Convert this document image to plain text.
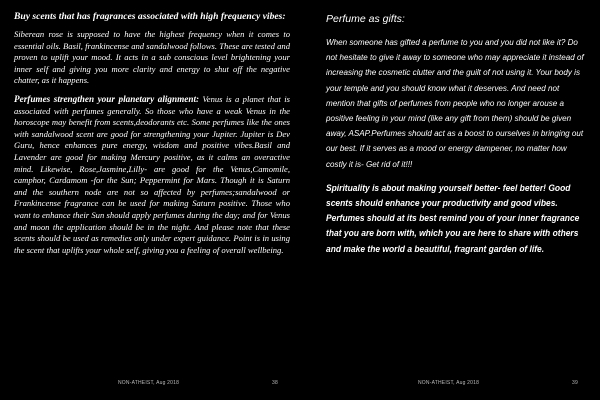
Buy scents that has fragrances associated with high frequency vibes:

Siberean rose is supposed to have the highest frequency when it comes to essential oils. Basil, frankincense and sandalwood follows. These are tested and proven to uplift your mood. It acts in a sub conscious level brightening your inner self and giving you more clarity and energy to shut off the negative chatter, as it happens.

Perfumes strengthen your planetary alignment: Venus is a planet that is associated with perfumes generally. So those who have a weak Venus in the horoscope may benefit from scents,deodorants etc. Some perfumes like the ones with sandalwood scent are good for strengthening your Jupiter. Jupiter is Dev Guru, hence enhances pure energy, wisdom and positive vibes.Basil and Lavender are good for making Mercury positive, as it calms an overactive mind. Likewise, Rose,Jasmine,Lilly- are good for the Venus,Camomile, camphor, Cardamom -for the Sun; Peppermint for Mars. Though it is Saturn and the southern node are not so affected by perfumes;sandalwood or Frankincense fragrance can be used for making Saturn positive. Those who want to enhance their Sun should apply perfumes during the day; and for Venus and moon the application should be in the night. And please note that these scents should be used as remedies only under expert guidance. Point is in using the scent that uplifts your whole self, giving you a feeling of overall wellbeing.

NON-ATHEIST, Aug 2018	38
Perfume as gifts:

When someone has gifted a perfume to you and you did not like it? Do not hesitate to give it away to someone who may appreciate it instead of increasing the cosmetic clutter and the guilt of not using it. Your body is your temple and you should know what it deserves. And need not mention that gifts of perfumes from people who no longer arouse a positive feeling in your mind (like any gift from them) should be given away, ASAP.Perfumes should act as a boost to ourselves in bringing out our best. If it serves as a mood or energy dampener, no matter how costly it is- Get rid of it!!!

Spirituality is about making yourself better- feel better! Good scents should enhance your productivity and good vibes. Perfumes should at its best remind you of your inner fragrance that you are born with, which you are here to share with others and make the world a beautiful, fragrant garden of life.

NON-ATHEIST, Aug 2018	39
